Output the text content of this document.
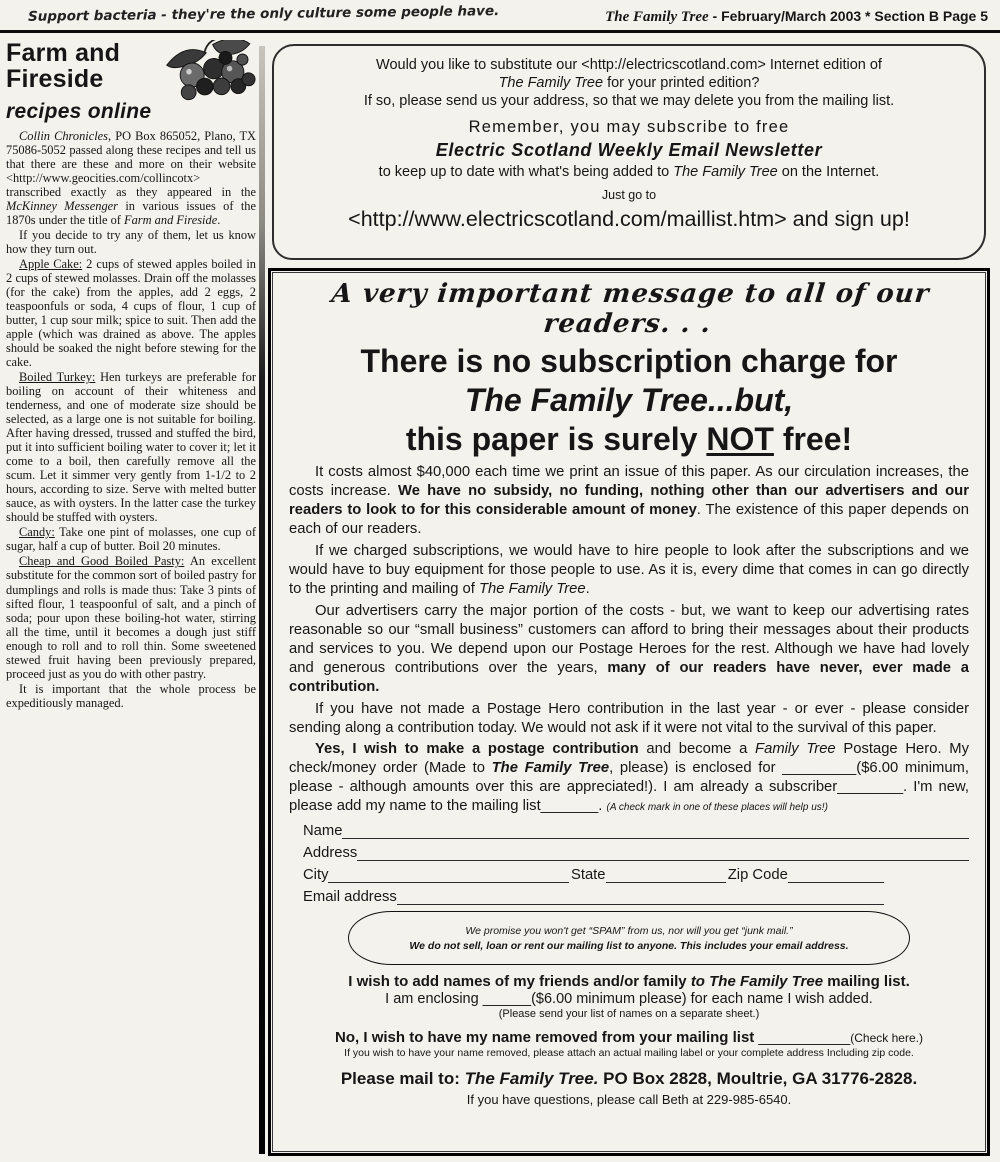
Support bacteria - they're the only culture some people have.	The Family Tree - February/March 2003 * Section B Page 5
Farm and
Fireside
recipes online

Collin Chronicles, PO Box 865052, Plano, TX 75086-5052 passed along these recipes and tell us that there are these and more on their website <http://www.geocities.com/collincotx> transcribed exactly as they appeared in the McKinney Messenger in various issues of the 1870s under the title of Farm and Fireside.

If you decide to try any of them, let us know how they turn out.

Apple Cake: 2 cups of stewed apples boiled in 2 cups of stewed molasses. Drain off the molasses (for the cake) from the apples, add 2 eggs, 2 teaspoonfuls or soda, 4 cups of flour, 1 cup of butter, 1 cup sour milk; spice to suit. Then add the apple (which was drained as above. The apples should be soaked the night before stewing for the cake.

Boiled Turkey: Hen turkeys are preferable for boiling on account of their whiteness and tenderness, and one of moderate size should be selected, as a large one is not suitable for boiling. After having dressed, trussed and stuffed the bird, put it into sufficient boiling water to cover it; let it come to a boil, then carefully remove all the scum. Let it simmer very gently from 1-1/2 to 2 hours, according to size. Serve with melted butter sauce, as with oysters. In the latter case the turkey should be stuffed with oysters.

Candy: Take one pint of molasses, one cup of sugar, half a cup of butter. Boil 20 minutes.

Cheap and Good Boiled Pasty: An excellent substitute for the common sort of boiled pastry for dumplings and rolls is made thus: Take 3 pints of sifted flour, 1 teaspoonful of salt, and a pinch of soda; pour upon these boiling-hot water, stirring all the time, until it becomes a dough just stiff enough to roll and to roll thin. Some sweetened stewed fruit having been previously prepared, proceed just as you do with other pastry.

It is important that the whole process be expeditiously managed.

Would you like to substitute our <http://electricscotland.com> Internet edition of
The Family Tree for your printed edition?
If so, please send us your address, so that we may delete you from the mailing list.
Remember, you may subscribe to free
Electric Scotland Weekly Email Newsletter
to keep up to date with what's being added to The Family Tree on the Internet.
Just go to
<http://www.electricscotland.com/maillist.htm> and sign up!
A very important message to all of our readers. . .
There is no subscription charge for
The Family Tree...but,
this paper is surely NOT free!

It costs almost $40,000 each time we print an issue of this paper. As our circulation increases, the costs increase. We have no subsidy, no funding, nothing other than our advertisers and our readers to look to for this considerable amount of money. The existence of this paper depends on each of our readers.

If we charged subscriptions, we would have to hire people to look after the subscriptions and we would have to buy equipment for those people to use. As it is, every dime that comes in can go directly to the printing and mailing of The Family Tree.

Our advertisers carry the major portion of the costs - but, we want to keep our advertising rates reasonable so our “small business” customers can afford to bring their messages about their products and services to you. We depend upon our Postage Heroes for the rest. Although we have had lovely and generous contributions over the years, many of our readers have never, ever made a contribution.

If you have not made a Postage Hero contribution in the last year - or ever - please consider sending along a contribution today. We would not ask if it were not vital to the survival of this paper.

Yes, I wish to make a postage contribution and become a Family Tree Postage Hero. My check/money order (Made to The Family Tree, please) is enclosed for _________($6.00 minimum, please - although amounts over this are appreciated!). I am already a subscriber________. I'm new, please add my name to the mailing list_______. (A check mark in one of these places will help us!)

Name
Address
City	State	Zip Code
Email address
We promise you won't get “SPAM” from us, nor will you get “junk mail.”
We do not sell, loan or rent our mailing list to anyone. This includes your email address.
I wish to add names of my friends and/or family to The Family Tree mailing list.
I am enclosing ______($6.00 minimum please) for each name I wish added.
(Please send your list of names on a separate sheet.)
No, I wish to have my name removed from your mailing list ___________(Check here.)
If you wish to have your name removed, please attach an actual mailing label or your complete address Including zip code.
Please mail to: The Family Tree. PO Box 2828, Moultrie, GA 31776-2828.
If you have questions, please call Beth at 229-985-6540.
